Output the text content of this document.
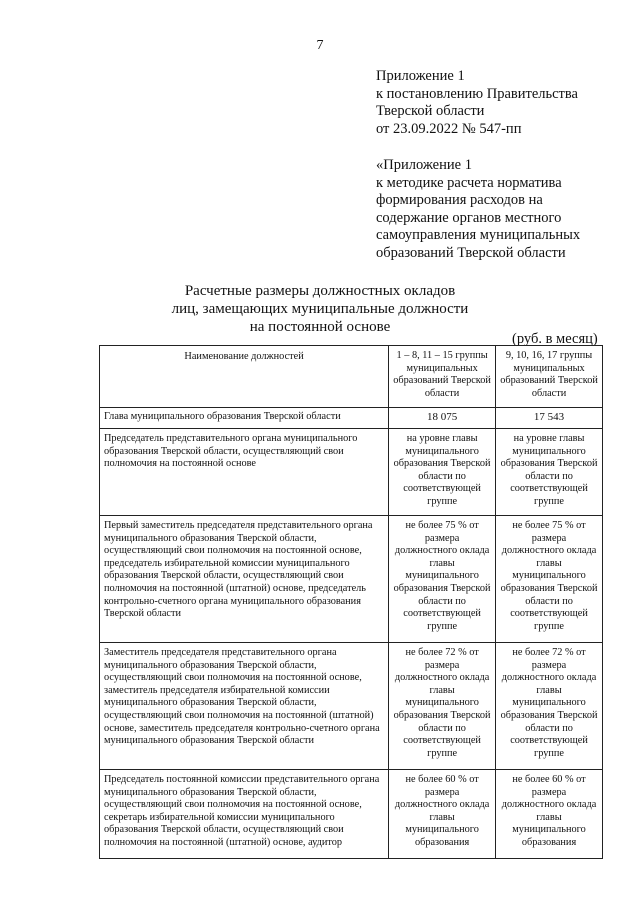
7
Приложение 1
к постановлению Правительства
Тверской области
от 23.09.2022 № 547-пп
«Приложение 1
к методике расчета норматива
формирования расходов на
содержание органов местного
самоуправления муниципальных
образований Тверской области
Расчетные размеры должностных окладов
лиц, замещающих муниципальные должности
на постоянной основе
(руб. в месяц)
Наименование должностей	1 – 8, 11 – 15 группы муниципальных образований Тверской области	9, 10, 16, 17 группы муниципальных образований Тверской области
Глава муниципального образования Тверской области	18 075	17 543
Председатель представительного органа муниципального образования Тверской области, осуществляющий свои полномочия на постоянной основе	на уровне главы муниципального образования Тверской области по соответствующей группе	на уровне главы муниципального образования Тверской области по соответствующей группе
Первый заместитель председателя представительного органа муниципального образования Тверской области, осуществляющий свои полномочия на постоянной основе, председатель избирательной комиссии муниципального образования Тверской области, осуществляющий свои полномочия на постоянной (штатной) основе, председатель контрольно-счетного органа муниципального образования Тверской области	не более 75 % от размера должностного оклада главы муниципального образования Тверской области по соответствующей группе	не более 75 % от размера должностного оклада главы муниципального образования Тверской области по соответствующей группе
Заместитель председателя представительного органа муниципального образования Тверской области, осуществляющий свои полномочия на постоянной основе, заместитель председателя избирательной комиссии муниципального образования Тверской области, осуществляющий свои полномочия на постоянной (штатной) основе, заместитель председателя контрольно-счетного органа муниципального образования Тверской области	не более 72 % от размера должностного оклада главы муниципального образования Тверской области по соответствующей группе	не более 72 % от размера должностного оклада главы муниципального образования Тверской области по соответствующей группе
Председатель постоянной комиссии представительного органа муниципального образования Тверской области, осуществляющий свои полномочия на постоянной основе, секретарь избирательной комиссии муниципального образования Тверской области, осуществляющий свои полномочия на постоянной (штатной) основе, аудитор	не более 60 % от размера должностного оклада главы муниципального образования	не более 60 % от размера должностного оклада главы муниципального образования
